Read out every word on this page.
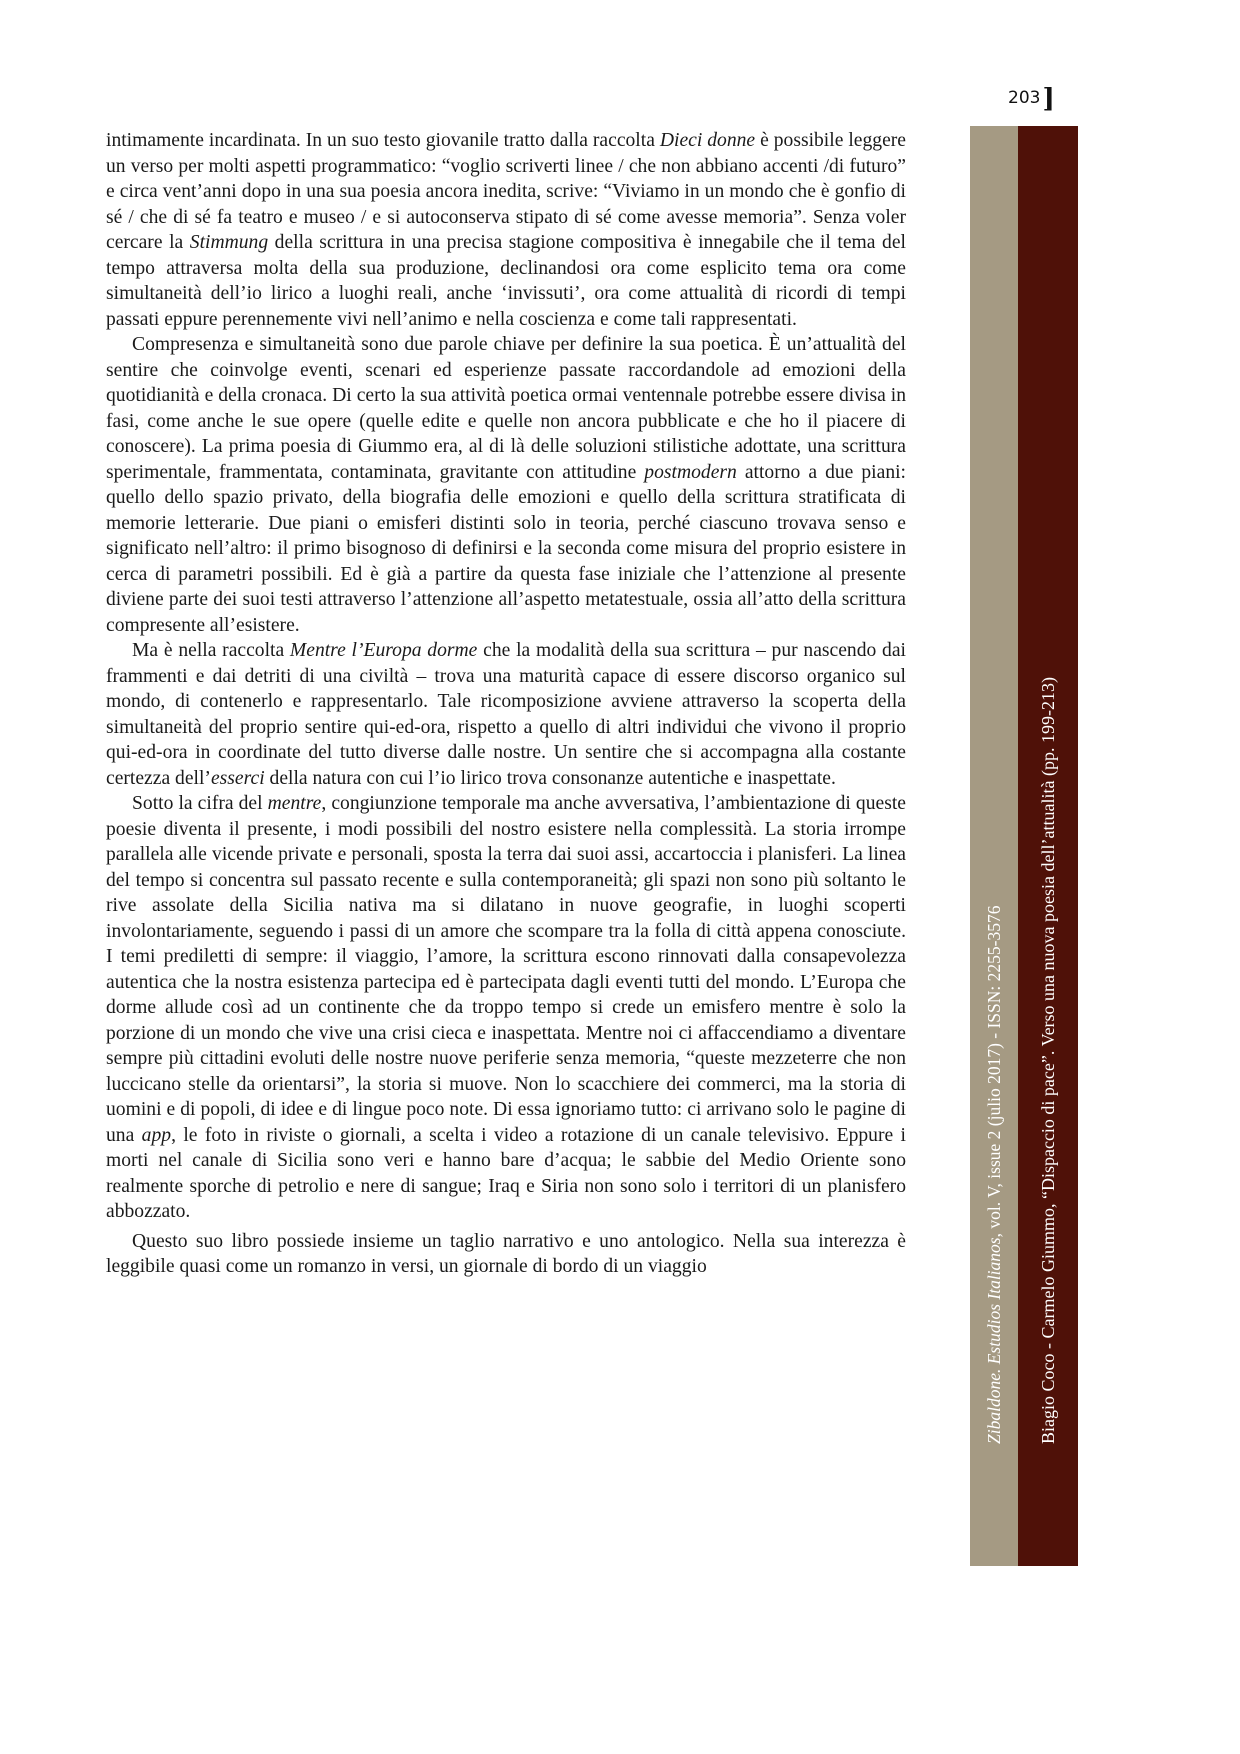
203]

intimamente incardinata. In un suo testo giovanile tratto dalla raccolta Dieci donne è possibile leggere un verso per molti aspetti programmatico: “voglio scriverti linee / che non abbiano accenti /di futuro” e circa vent’anni dopo in una sua poesia ancora inedita, scrive: “Viviamo in un mondo che è gonfio di sé / che di sé fa teatro e museo / e si autoconserva stipato di sé come avesse memoria”. Senza voler cercare la Stimmung della scrittura in una precisa stagione compositiva è innegabile che il tema del tempo attraversa molta della sua produzione, declinandosi ora come esplicito tema ora come simultaneità dell’io lirico a luoghi reali, anche ‘invissuti’, ora come attualità di ricordi di tempi passati eppure perennemente vivi nell’animo e nella coscienza e come tali rappresentati.

Compresenza e simultaneità sono due parole chiave per definire la sua poetica. È un’attualità del sentire che coinvolge eventi, scenari ed esperienze passate raccordandole ad emozioni della quotidianità e della cronaca. Di certo la sua attività poetica ormai ventennale potrebbe essere divisa in fasi, come anche le sue opere (quelle edite e quelle non ancora pubblicate e che ho il piacere di conoscere). La prima poesia di Giummo era, al di là delle soluzioni stilistiche adottate, una scrittura sperimentale, frammentata, contaminata, gravitante con attitudine postmodern attorno a due piani: quello dello spazio privato, della biografia delle emozioni e quello della scrittura stratificata di memorie letterarie. Due piani o emisferi distinti solo in teoria, perché ciascuno trovava senso e significato nell’altro: il primo bisognoso di definirsi e la seconda come misura del proprio esistere in cerca di parametri possibili. Ed è già a partire da questa fase iniziale che l’attenzione al presente diviene parte dei suoi testi attraverso l’attenzione all’aspetto metatestuale, ossia all’atto della scrittura compresente all’esistere.

Ma è nella raccolta Mentre l’Europa dorme che la modalità della sua scrittura – pur nascendo dai frammenti e dai detriti di una civiltà – trova una maturità capace di essere discorso organico sul mondo, di contenerlo e rappresentarlo. Tale ricomposizione avviene attraverso la scoperta della simultaneità del proprio sentire qui-ed-ora, rispetto a quello di altri individui che vivono il proprio qui-ed-ora in coordinate del tutto diverse dalle nostre. Un sentire che si accompagna alla costante certezza dell’esserci della natura con cui l’io lirico trova consonanze autentiche e inaspettate.

Sotto la cifra del mentre, congiunzione temporale ma anche avversativa, l’ambientazione di queste poesie diventa il presente, i modi possibili del nostro esistere nella complessità. La storia irrompe parallela alle vicende private e personali, sposta la terra dai suoi assi, accartoccia i planisferi. La linea del tempo si concentra sul passato recente e sulla contemporaneità; gli spazi non sono più soltanto le rive assolate della Sicilia nativa ma si dilatano in nuove geografie, in luoghi scoperti involontariamente, seguendo i passi di un amore che scompare tra la folla di città appena conosciute. I temi prediletti di sempre: il viaggio, l’amore, la scrittura escono rinnovati dalla consapevolezza autentica che la nostra esistenza partecipa ed è partecipata dagli eventi tutti del mondo. L’Europa che dorme allude così ad un continente che da troppo tempo si crede un emisfero mentre è solo la porzione di un mondo che vive una crisi cieca e inaspettata. Mentre noi ci affaccendiamo a diventare sempre più cittadini evoluti delle nostre nuove periferie senza memoria, “queste mezzeterre che non luccicano stelle da orientarsi”, la storia si muove. Non lo scacchiere dei commerci, ma la storia di uomini e di popoli, di idee e di lingue poco note. Di essa ignoriamo tutto: ci arrivano solo le pagine di una app, le foto in riviste o giornali, a scelta i video a rotazione di un canale televisivo. Eppure i morti nel canale di Sicilia sono veri e hanno bare d’acqua; le sabbie del Medio Oriente sono realmente sporche di petrolio e nere di sangue; Iraq e Siria non sono solo i territori di un planisfero abbozzato.

Questo suo libro possiede insieme un taglio narrativo e uno antologico. Nella sua interezza è leggibile quasi come un romanzo in versi, un giornale di bordo di un viaggio	Zibaldone. Estudios Italianos, vol. V, issue 2 (julio 2017) - ISSN: 2255-3576 Biagio Coco - Carmelo Giummo, “Dispaccio di pace”. Verso una nuova poesia dell’attualità (pp. 199-213)
